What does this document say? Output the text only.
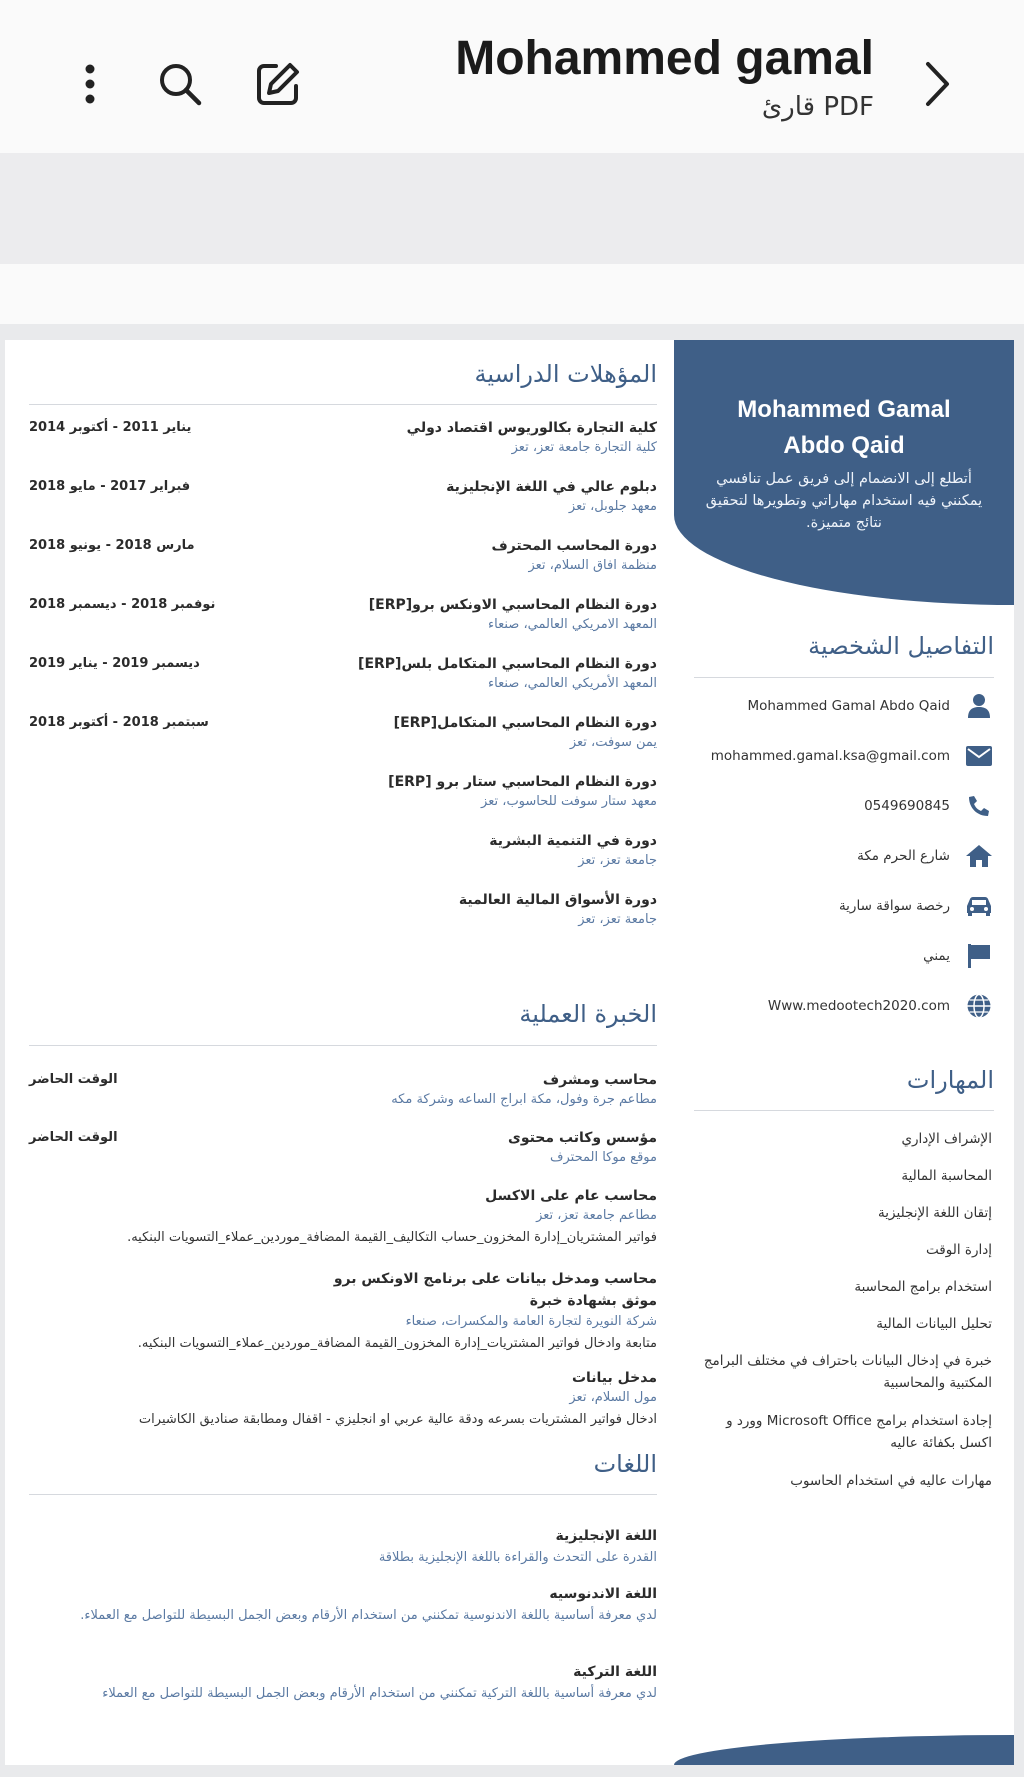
Mohammed gamal
قارئ PDF
Mohammed Gamal
Abdo Qaid
أتطلع إلى الانضمام إلى فريق عمل تنافسي يمكنني فيه استخدام مهاراتي وتطويرها لتحقيق نتائج متميزة.
التفاصيل الشخصية
Mohammed Gamal Abdo Qaid
mohammed.gamal.ksa@gmail.com
0549690845
شارع الحرم مكة
رخصة سواقة سارية
يمني
Www.medootech2020.com
المهارات
الإشراف الإداري
المحاسبة المالية
إتقان اللغة الإنجليزية
إدارة الوقت
استخدام برامج المحاسبة
تحليل البيانات المالية
خبرة في إدخال البيانات باحتراف في مختلف البرامج المكتبية والمحاسبية
إجادة استخدام برامج Microsoft Office وورد و اكسل بكفائة عاليه
مهارات عاليه في استخدام الحاسوب
المؤهلات الدراسية
كلية التجارة بكالوريوس اقتصاد دولي
كلية التجارة جامعة تعز، تعز
يناير 2011 - أكتوبر 2014
دبلوم عالي في اللغة الإنجليزية
معهد جلوبل، تعز
فبراير 2017 - مايو 2018
دورة المحاسب المحترف
منظمة افاق السلام، تعز
مارس 2018 - يونيو 2018
دورة النظام المحاسبي الاونكس برو[ERP]
المعهد الامريكي العالمي، صنعاء
نوفمبر 2018 - ديسمبر 2018
دورة النظام المحاسبي المتكامل بلس[ERP]
المعهد الأمريكي العالمي، صنعاء
ديسمبر 2019 - يناير 2019
دورة النظام المحاسبي المتكامل[ERP]
يمن سوفت، تعز
سبتمبر 2018 - أكتوبر 2018
دورة النظام المحاسبي ستار برو [ERP]
معهد ستار سوفت للحاسوب، تعز
دورة في التنمية البشرية
جامعة تعز، تعز
دورة الأسواق المالية العالمية
جامعة تعز، تعز
الخبرة العملية
محاسب ومشرف
مطاعم جرة وفول، مكة ابراج الساعه وشركة مكه
الوقت الحاضر
مؤسس وكاتب محتوى
موقع موكا المحترف
الوقت الحاضر
محاسب عام على الاكسل
مطاعم جامعة تعز، تعز
فواتير المشتريان_إدارة المخزون_حساب التكاليف_القيمة المضافة_موردين_عملاء_التسويات البنكيه.
محاسب ومدخل بيانات على برنامج الاونكس برو موثق بشهادة خبرة
شركة النويرة لتجارة العامة والمكسرات، صنعاء
متابعة وادخال فواتير المشتريات_إدارة المخزون_القيمة المضافة_موردين_عملاء_التسويات البنكيه.
مدخل بيانات
مول السلام، تعز
ادخال فواتير المشتريات بسرعه ودقة عالية عربي او انجليزي - اقفال ومطابقة صناديق الكاشيرات
اللغات
اللغة الإنجليزية
القدرة على التحدث والقراءة باللغة الإنجليزية بطلاقة
اللغة الاندنوسيه
لدي معرفة أساسية باللغة الاندنوسية تمكنني من استخدام الأرقام وبعض الجمل البسيطة للتواصل مع العملاء.
اللغة التركية
لدي معرفة أساسية باللغة التركية تمكنني من استخدام الأرقام وبعض الجمل البسيطة للتواصل مع العملاء
